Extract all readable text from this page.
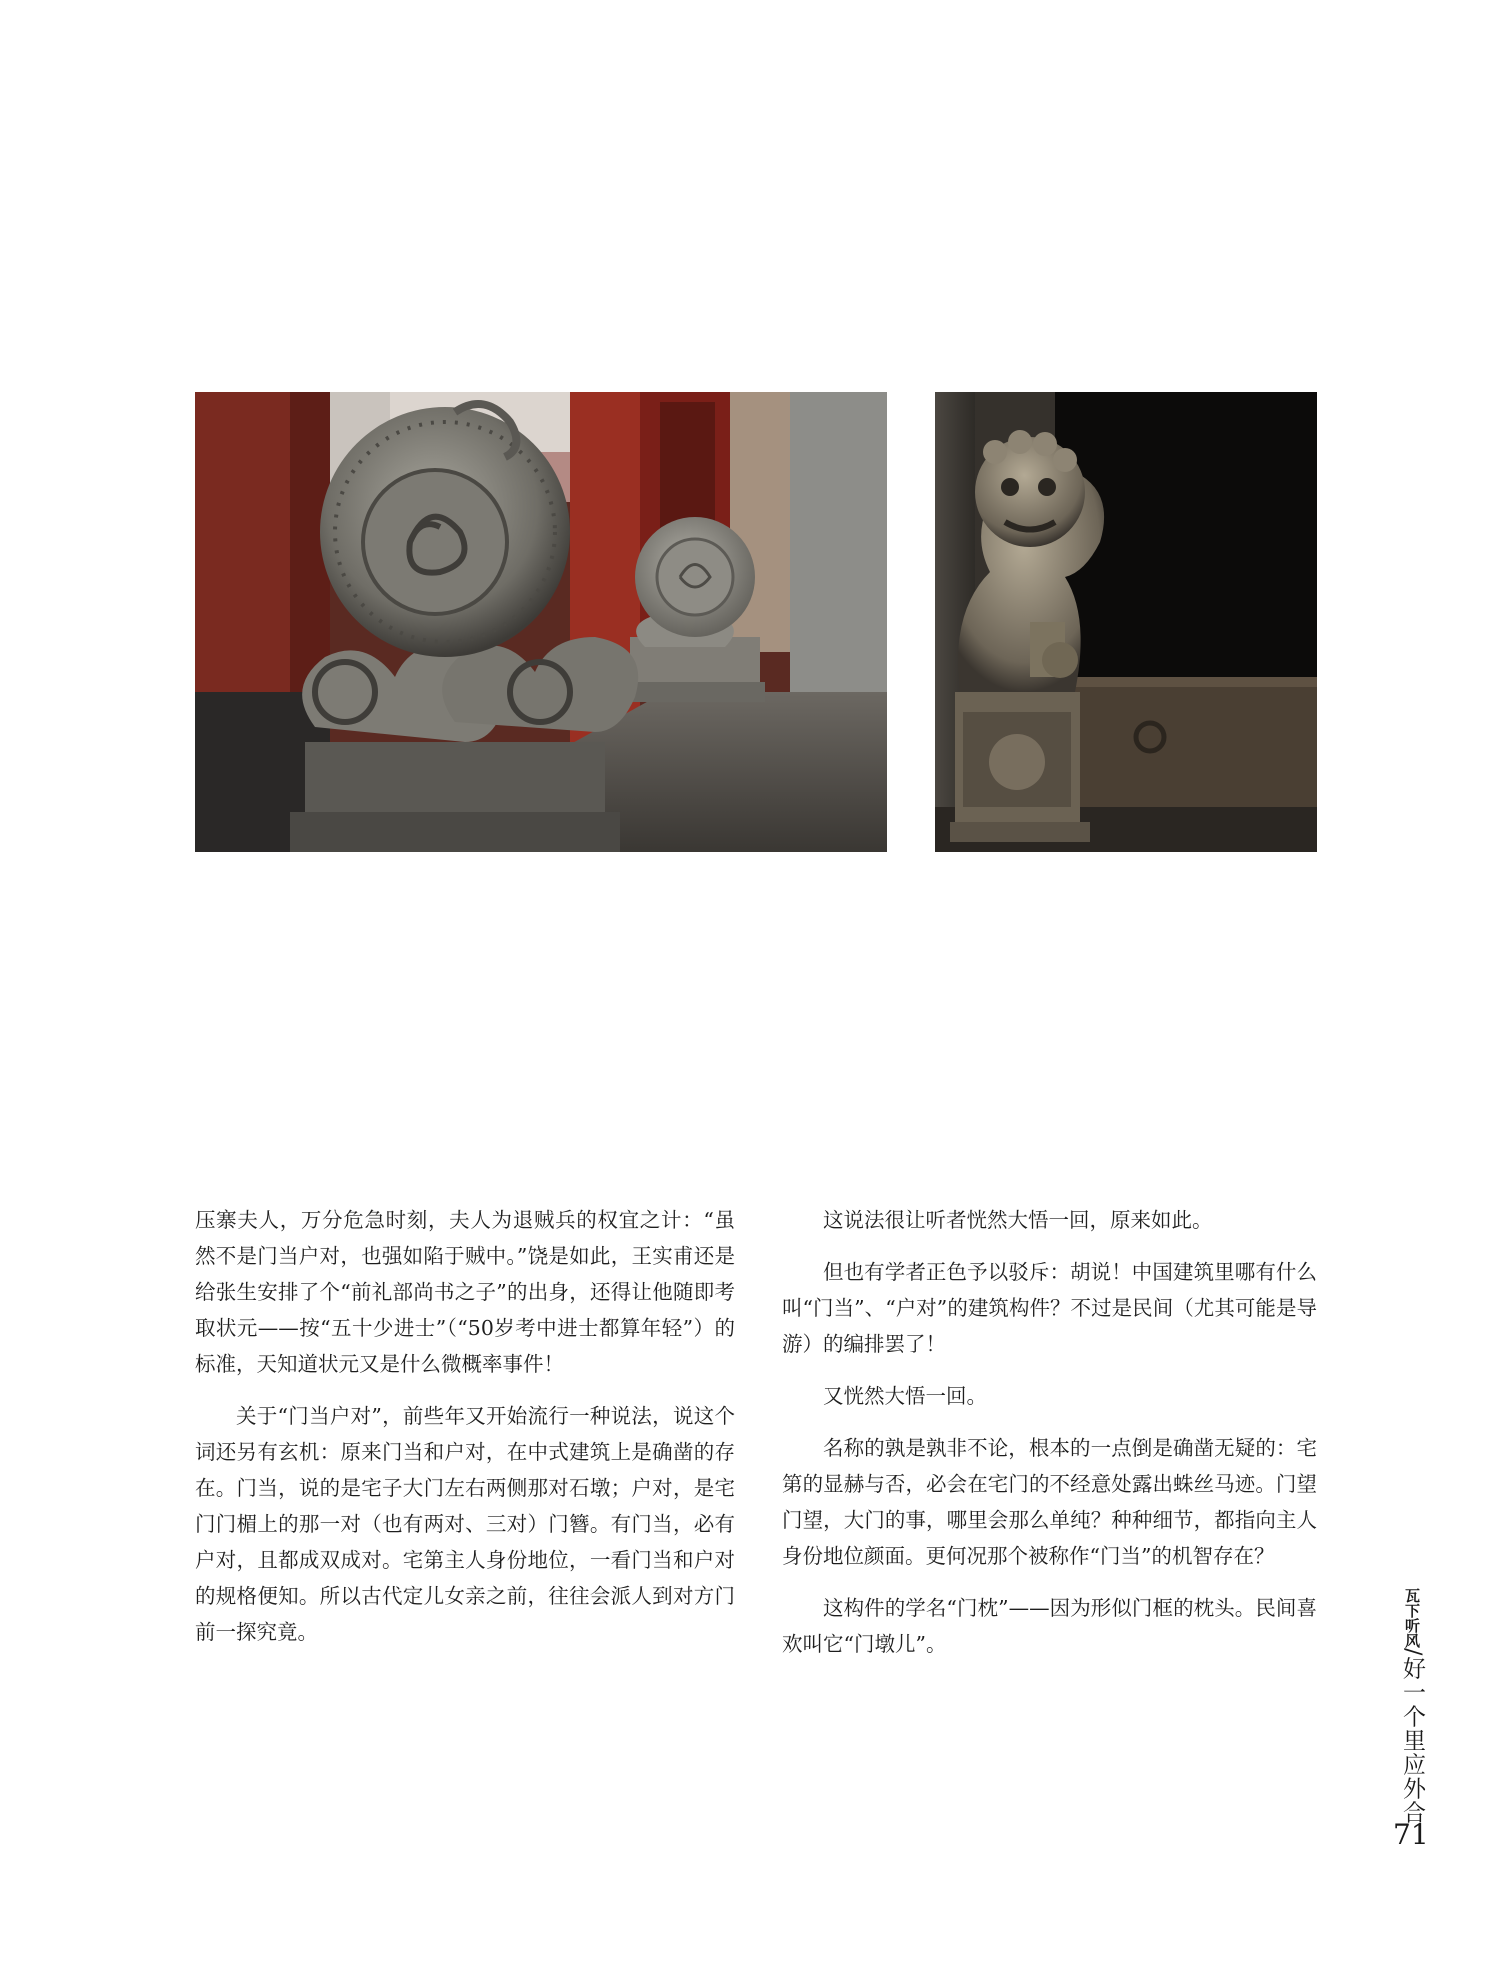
压寨夫人，万分危急时刻，夫人为退贼兵的权宜之计：“虽然不是门当户对，也强如陷于贼中。”饶是如此，王实甫还是给张生安排了个“前礼部尚书之子”的出身，还得让他随即考取状元——按“五十少进士”（“50岁考中进士都算年轻”）的标准，天知道状元又是什么微概率事件！

关于“门当户对”，前些年又开始流行一种说法，说这个词还另有玄机：原来门当和户对，在中式建筑上是确凿的存在。门当，说的是宅子大门左右两侧那对石墩；户对，是宅门门楣上的那一对（也有两对、三对）门簪。有门当，必有户对，且都成双成对。宅第主人身份地位，一看门当和户对的规格便知。所以古代定儿女亲之前，往往会派人到对方门前一探究竟。

这说法很让听者恍然大悟一回，原来如此。

但也有学者正色予以驳斥：胡说！中国建筑里哪有什么叫“门当”、“户对”的建筑构件？不过是民间（尤其可能是导游）的编排罢了！

又恍然大悟一回。

名称的孰是孰非不论，根本的一点倒是确凿无疑的：宅第的显赫与否，必会在宅门的不经意处露出蛛丝马迹。门望门望，大门的事，哪里会那么单纯？种种细节，都指向主人身份地位颜面。更何况那个被称作“门当”的机智存在？

这构件的学名“门枕”——因为形似门框的枕头。民间喜欢叫它“门墩儿”。	瓦下听风/好一个里应外合
71
